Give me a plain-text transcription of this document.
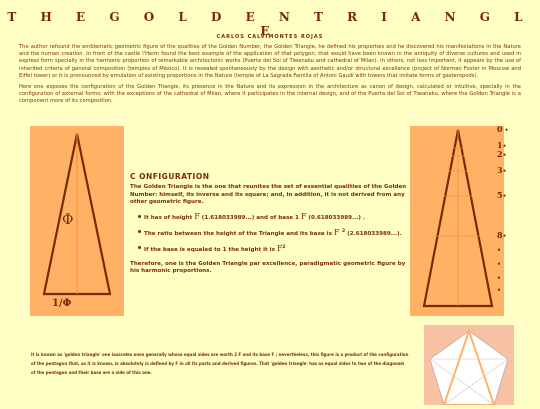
T H E G O L D E N T R I A N G L E
CARLOS CALVIMONTES ROJAS

The author refound the emblematic geometric figure of the qualities of the Golden Number, the Golden Triangle, he defined his properties and he discovered his manifestations in the Nature and the human creation. In front of the castle l'Herm found the best example of the application of that polygon, that would have been known in the antiquity of diverse cultures and used in express form specially in the harmonic proportion of remarkable architectonic works (Puerta del Sol of Tiwanaku and cathedral of Milan). In others, not less important, it appears by the use of inherited criteria of general composition (temples of México). It is revealed spontaneously by the design with aesthetic and/or structural excellence (project of Norman Foster in Moscow and Eiffel tower) or it is pronounced by emulation of existing proportions in the Nature (temple of La Sagrada Familia of Antoni Gaudí with towers that imitate forms of gasteropods).

Here one exposes the configuration of the Golden Triangle, its presence in the Nature and its expression in the architecture as canon of design, calculated or intuitive, specially in the configuration of external forms; with the exceptions of the cathedral of Milan, where it participates in the internal design, and of the Puerta del Sol of Tiwanaku, where the Golden Triangle is a component more of its composition.

Φ
1/Φ
0 •
1•
2•
3•
5•
8•
•
•
•
•
C ONFIGURATION

The Golden Triangle is the one that reunites the set of essential qualities of the Golden Number: himself, its inverse and its square; and, in addition, it is not derived from any other geometric figure.

It has of height F (1.618033989...) and of base 1 F (0.618033989...) .
The ratio between the height of the Triangle and its base is F $^2$ (2.618033989...).
If the base is equaled to 1 the height it is $F^2$

Therefore, one is the Golden Triangle par excellence, paradigmatic geometric figure by his harmonic proportions.

It is known as 'golden triangle' one isosceles ones generally whose equal sides are worth 2 F and its base F ; nevertheless, this figure is a product of the configuration of the pentagon that, as it is known, is absolutely is defined by F in all its parts and derived figures. That 'golden triangle' has as equal sides to two of the diagonals of the pentagon and their base are a side of this one.
